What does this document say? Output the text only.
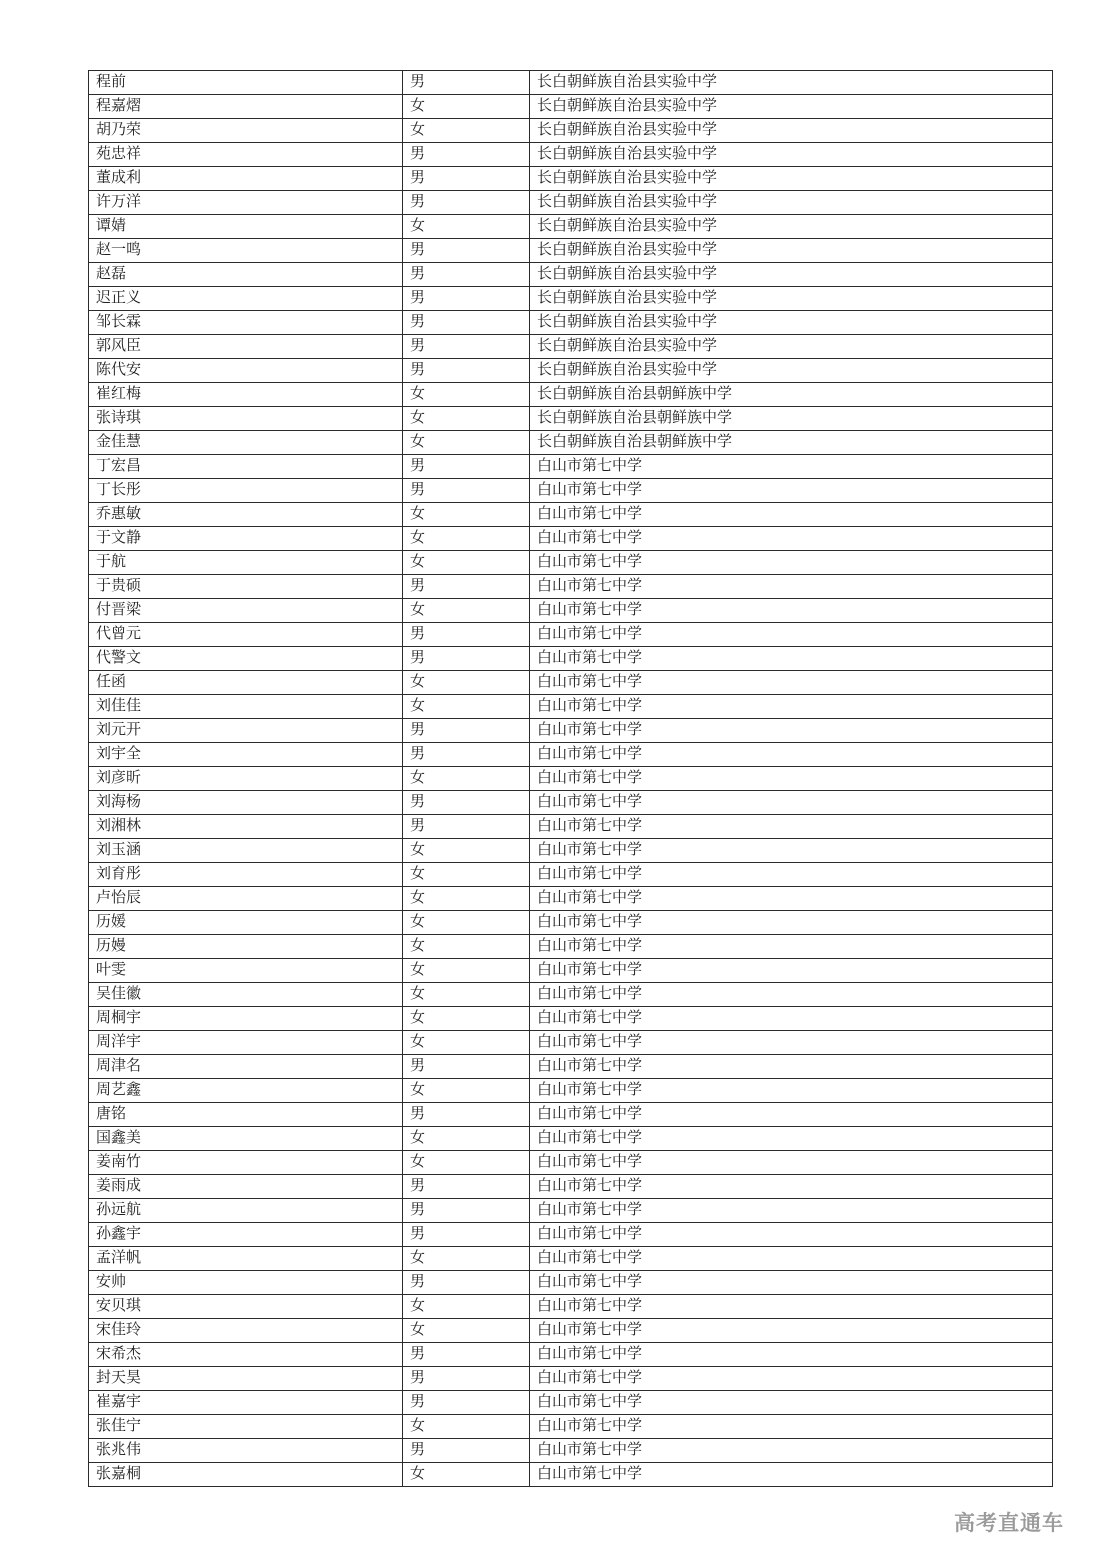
程前	男	长白朝鲜族自治县实验中学
程嘉熠	女	长白朝鲜族自治县实验中学
胡乃荣	女	长白朝鲜族自治县实验中学
苑忠祥	男	长白朝鲜族自治县实验中学
董成利	男	长白朝鲜族自治县实验中学
许万洋	男	长白朝鲜族自治县实验中学
谭婧	女	长白朝鲜族自治县实验中学
赵一鸣	男	长白朝鲜族自治县实验中学
赵磊	男	长白朝鲜族自治县实验中学
迟正义	男	长白朝鲜族自治县实验中学
邹长霖	男	长白朝鲜族自治县实验中学
郭风臣	男	长白朝鲜族自治县实验中学
陈代安	男	长白朝鲜族自治县实验中学
崔红梅	女	长白朝鲜族自治县朝鲜族中学
张诗琪	女	长白朝鲜族自治县朝鲜族中学
金佳慧	女	长白朝鲜族自治县朝鲜族中学
丁宏昌	男	白山市第七中学
丁长彤	男	白山市第七中学
乔惠敏	女	白山市第七中学
于文静	女	白山市第七中学
于航	女	白山市第七中学
于贵硕	男	白山市第七中学
付晋梁	女	白山市第七中学
代曾元	男	白山市第七中学
代警文	男	白山市第七中学
任函	女	白山市第七中学
刘佳佳	女	白山市第七中学
刘元开	男	白山市第七中学
刘宇全	男	白山市第七中学
刘彦昕	女	白山市第七中学
刘海杨	男	白山市第七中学
刘湘林	男	白山市第七中学
刘玉涵	女	白山市第七中学
刘育彤	女	白山市第七中学
卢怡辰	女	白山市第七中学
历媛	女	白山市第七中学
历嫚	女	白山市第七中学
叶雯	女	白山市第七中学
吴佳徽	女	白山市第七中学
周桐宇	女	白山市第七中学
周洋宇	女	白山市第七中学
周津名	男	白山市第七中学
周艺鑫	女	白山市第七中学
唐铭	男	白山市第七中学
国鑫美	女	白山市第七中学
姜南竹	女	白山市第七中学
姜雨成	男	白山市第七中学
孙远航	男	白山市第七中学
孙鑫宇	男	白山市第七中学
孟洋帆	女	白山市第七中学
安帅	男	白山市第七中学
安贝琪	女	白山市第七中学
宋佳玲	女	白山市第七中学
宋希杰	男	白山市第七中学
封天昊	男	白山市第七中学
崔嘉宇	男	白山市第七中学
张佳宁	女	白山市第七中学
张兆伟	男	白山市第七中学
张嘉桐	女	白山市第七中学
高考直通车
